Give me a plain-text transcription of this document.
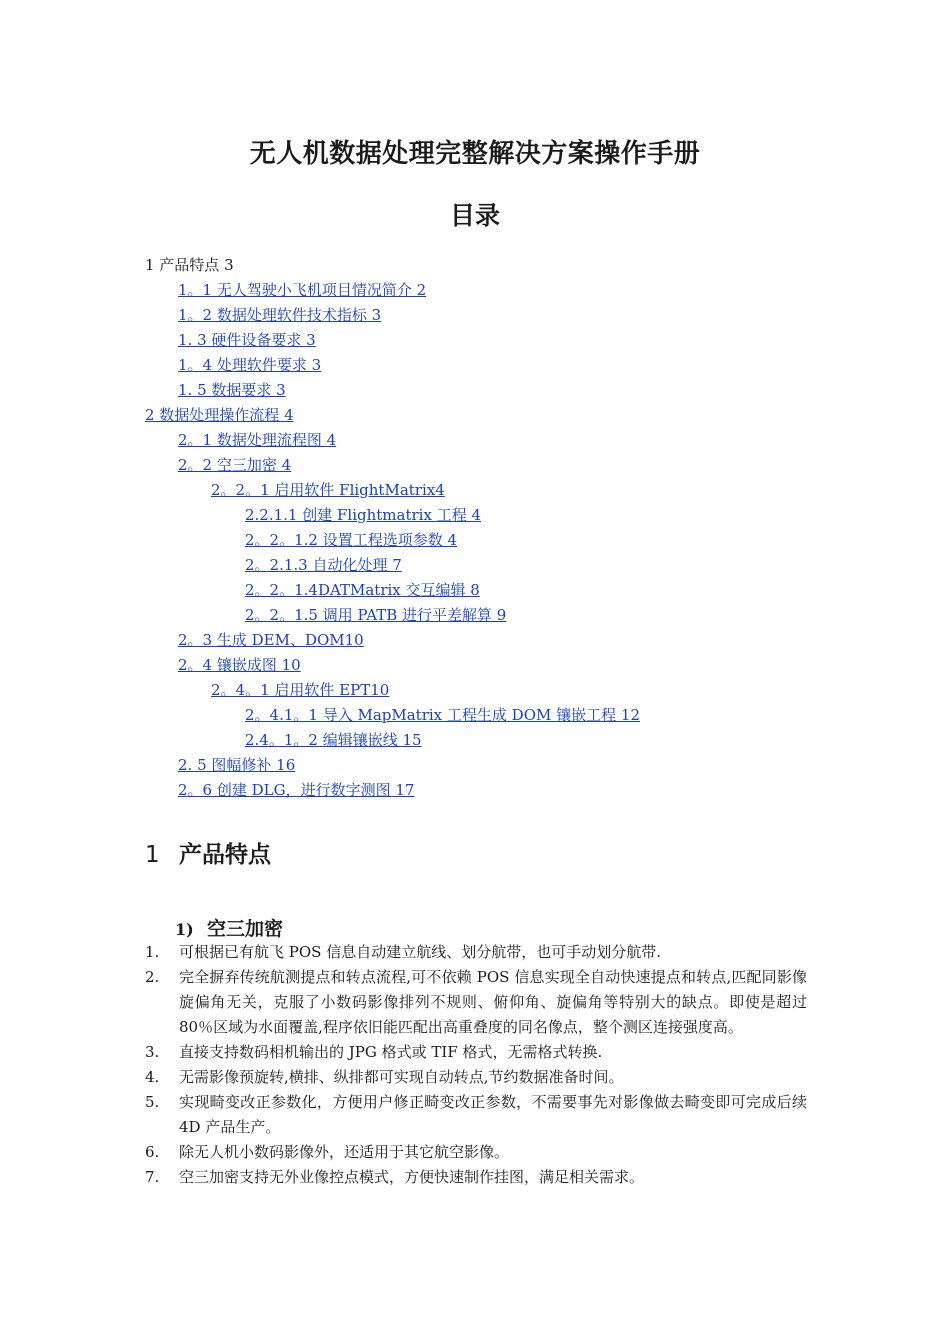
无人机数据处理完整解决方案操作手册
目录
1 产品特点 3
1。1 无人驾驶小飞机项目情况简介 2
1。2 数据处理软件技术指标 3
1. 3 硬件设备要求 3
1。4 处理软件要求 3
1. 5 数据要求 3
2 数据处理操作流程 4
2。1 数据处理流程图 4
2。2 空三加密 4
2。2。1 启用软件 FlightMatrix4
2.2.1.1 创建 Flightmatrix 工程 4
2。2。1.2 设置工程选项参数 4
2。2.1.3 自动化处理 7
2。2。1.4DATMatrix 交互编辑 8
2。2。1.5 调用 PATB 进行平差解算 9
2。3 生成 DEM、DOM10
2。4 镶嵌成图 10
2。4。1 启用软件 EPT10
2。4.1。1 导入 MapMatrix 工程生成 DOM 镶嵌工程 12
2.4。1。2 编辑镶嵌线 15
2. 5 图幅修补 16
2。6 创建 DLG，进行数字测图 17
1 产品特点
1) 空三加密
1. 可根据已有航飞 POS 信息自动建立航线、划分航带，也可手动划分航带.
2. 完全摒弃传统航测提点和转点流程,可不依赖 POS 信息实现全自动快速提点和转点,匹配同影像旋偏角无关，克服了小数码影像排列不规则、俯仰角、旋偏角等特别大的缺点。即使是超过 80％区域为水面覆盖,程序依旧能匹配出高重叠度的同名像点，整个测区连接强度高。
3. 直接支持数码相机输出的 JPG 格式或 TIF 格式，无需格式转换.
4. 无需影像预旋转,横排、纵排都可实现自动转点,节约数据准备时间。
5. 实现畸变改正参数化，方便用户修正畸变改正参数，不需要事先对影像做去畸变即可完成后续 4D 产品生产。
6. 除无人机小数码影像外，还适用于其它航空影像。
7. 空三加密支持无外业像控点模式，方便快速制作挂图，满足相关需求。
